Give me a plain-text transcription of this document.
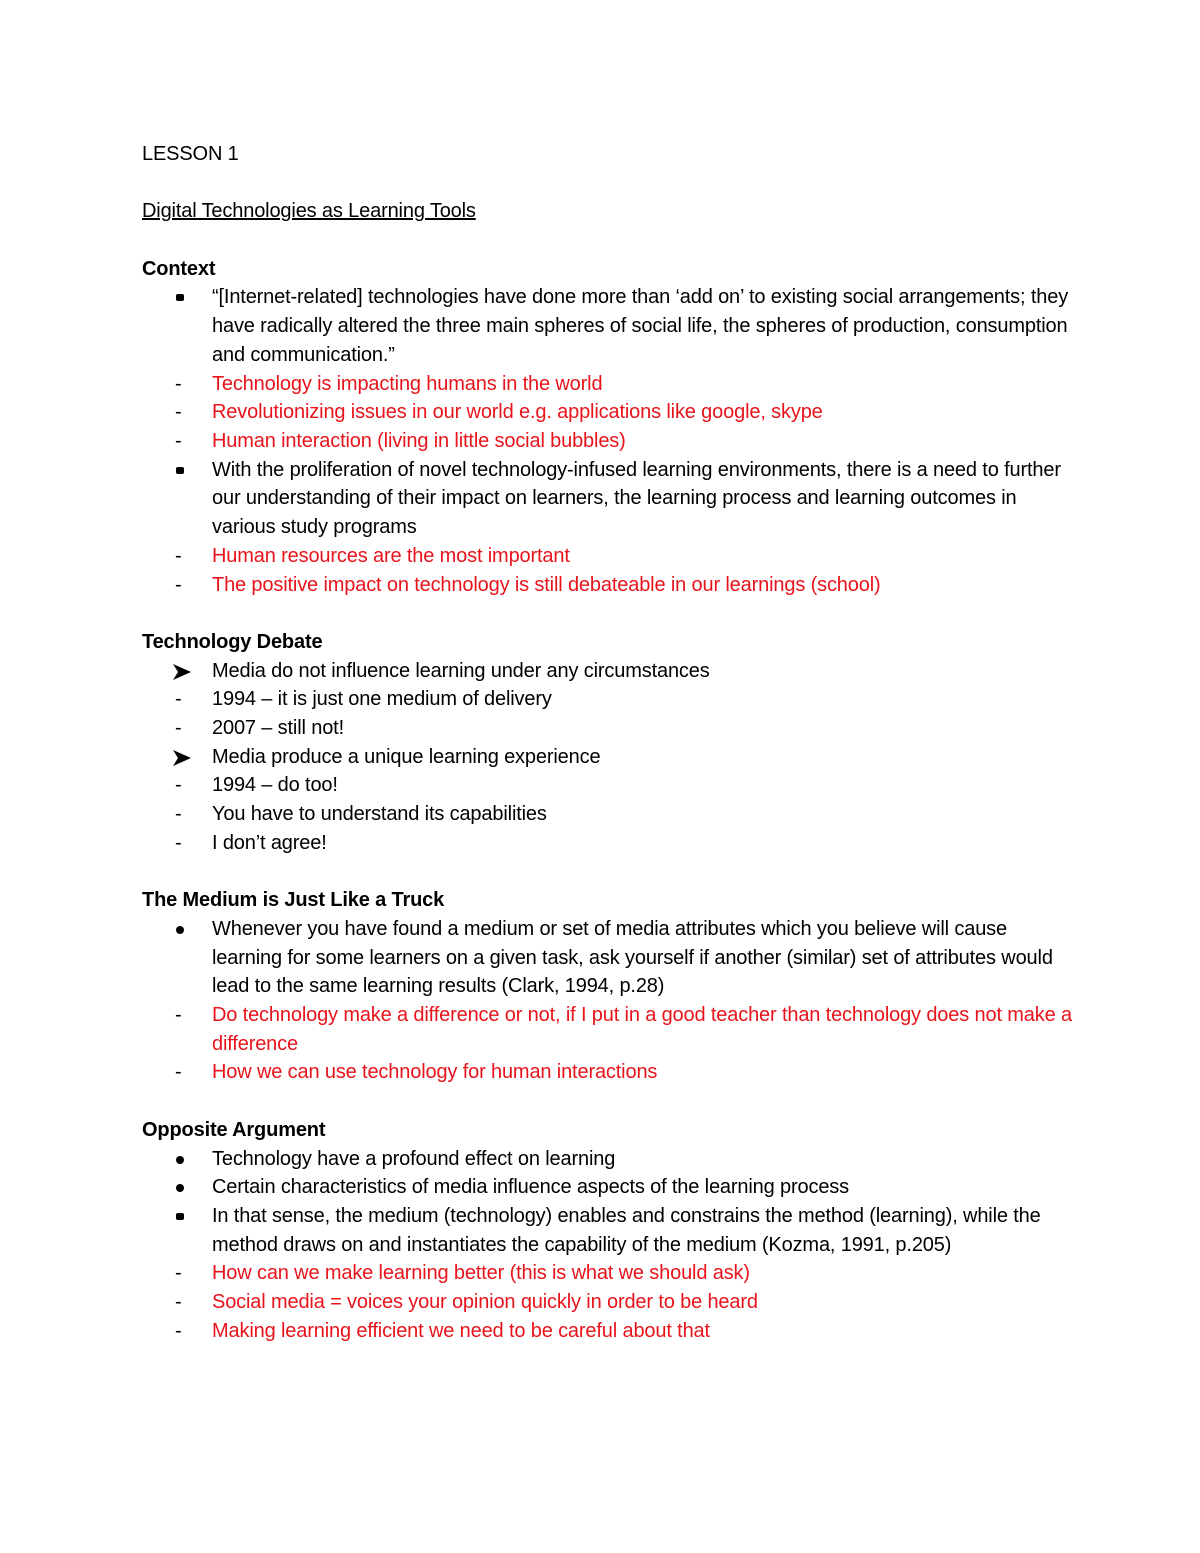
LESSON 1

Digital Technologies as Learning Tools

Context

“[Internet-related] technologies have done more than ‘add on’ to existing social arrangements; they have radically altered the three main spheres of social life, the spheres of production, consumption and communication.”
-
Technology is impacting humans in the world
-
Revolutionizing issues in our world e.g. applications like google, skype
-
Human interaction (living in little social bubbles)
With the proliferation of novel technology-infused learning environments, there is a need to further our understanding of their impact on learners, the learning process and learning outcomes in various study programs
-
Human resources are the most important
-
The positive impact on technology is still debateable in our learnings (school)

Technology Debate

Media do not influence learning under any circumstances
-
1994 – it is just one medium of delivery
-
2007 – still not!
Media produce a unique learning experience
-
1994 – do too!
-
You have to understand its capabilities
-
I don’t agree!

The Medium is Just Like a Truck

Whenever you have found a medium or set of media attributes which you believe will cause learning for some learners on a given task, ask yourself if another (similar) set of attributes would lead to the same learning results (Clark, 1994, p.28)
-
Do technology make a difference or not, if I put in a good teacher than technology does not make a difference
-
How we can use technology for human interactions

Opposite Argument

Technology have a profound effect on learning
Certain characteristics of media influence aspects of the learning process
In that sense, the medium (technology) enables and constrains the method (learning), while the method draws on and instantiates the capability of the medium (Kozma, 1991, p.205)
-
How can we make learning better (this is what we should ask)
-
Social media = voices your opinion quickly in order to be heard
-
Making learning efficient we need to be careful about that
